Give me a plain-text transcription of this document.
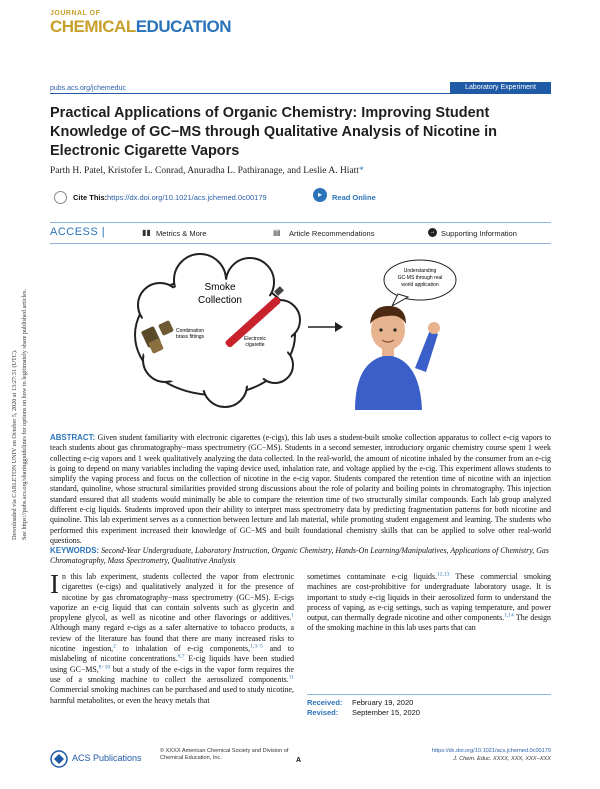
JOURNAL OF
CHEMICALEDUCATION
pubs.acs.org/jchemeduc	Laboratory Experiment
Practical Applications of Organic Chemistry: Improving Student Knowledge of GC−MS through Qualitative Analysis of Nicotine in Electronic Cigarette Vapors
Parth H. Patel, Kristofer L. Conrad, Anuradha L. Pathiranage, and Leslie A. Hiatt*
Cite This: https://dx.doi.org/10.1021/acs.jchemed.0c00179	▸	Read Online
ACCESS |	▮▮ Metrics & More	▤ Article Recommendations	→ Supporting Information
Smoke
Collection
Combination
brass fittings	Electronic
cigarette
Understanding
GC-MS through real
world application
ABSTRACT: Given student familiarity with electronic cigarettes (e-cigs), this lab uses a student-built smoke collection apparatus to collect e-cig vapors to teach students about gas chromatography−mass spectrometry (GC−MS). Students in a second semester, introductory organic chemistry course spent 1 week collecting e-cig vapors and 1 week qualitatively analyzing the data collected. In the real-world, the amount of nicotine inhaled by the consumer from an e-cig is going to depend on many variables including the vaping device used, inhalation rate, and voltage applied by the e-cig. This experiment allows students to simplify the vaping process and focus on the collection of nicotine in the e-cig vapor. Students compared the retention time of nicotine with an injection standard, quinoline, whose structural similarities provided strong discussions about the role of polarity and boiling points in chromatography. This injection standard ensured that all students would minimally be able to compare the retention time of two structurally similar compounds. Each lab group analyzed different e-cig liquids. Students improved upon their ability to interpret mass spectrometry data by predicting fragmentation patterns for both nicotine and quinoline. This lab experiment serves as a connection between lecture and lab material, while promoting student engagement and learning. The students who performed this experiment increased their knowledge of GC−MS and built foundational chemistry skills that can be applied to solve other real-world questions.
KEYWORDS: Second-Year Undergraduate, Laboratory Instruction, Organic Chemistry, Hands-On Learning/Manipulatives, Applications of Chemistry, Gas Chromatography, Mass Spectrometry, Qualitative Analysis
In this lab experiment, students collected the vapor from electronic cigarettes (e-cigs) and qualitatively analyzed it for the presence of nicotine by gas chromatography−mass spectrometry (GC−MS). E-cigs vaporize an e-cig liquid that can contain solvents such as glycerin and propylene glycol, as well as nicotine and other flavorings or additives.$^1$ Although many regard e-cigs as a safer alternative to tobacco products, a review of the literature has found that there are many increased risks to nicotine ingestion,$^2$ to inhalation of e-cig components,$^{1,3-5}$ and to mislabeling of nicotine concentrations.$^{6,7}$ E-cig liquids have been studied using GC−MS,$^{8-10}$ but a study of the e-cigs in the vapor form requires the use of a smoking machine to collect the aerosolized components.$^{11}$ Commercial smoking machines can be purchased and used to study nicotine, harmful metabolites, or even the heavy metals that
sometimes contaminate e-cig liquids.$^{12,13}$ These commercial smoking machines are cost-prohibitive for undergraduate laboratory usage. It is important to study e-cig liquids in their aerosolized form to understand the process of vaping, as e-cig settings, such as vaping temperature, and power output, can thermally degrade nicotine and other components.$^{1,14}$ The design of the smoking machine in this lab uses parts that can
Received: February 19, 2020
Revised: September 15, 2020
ACS Publications
© XXXX American Chemical Society and Division of Chemical Education, Inc.	A
https://dx.doi.org/10.1021/acs.jchemed.0c00179
J. Chem. Educ. XXXX, XXX, XXX−XXX
Downloaded via CARLETON UNIV on October 5, 2020 at 13:27:31 (UTC). See https://pubs.acs.org/sharingguidelines for options on how to legitimately share published articles.
